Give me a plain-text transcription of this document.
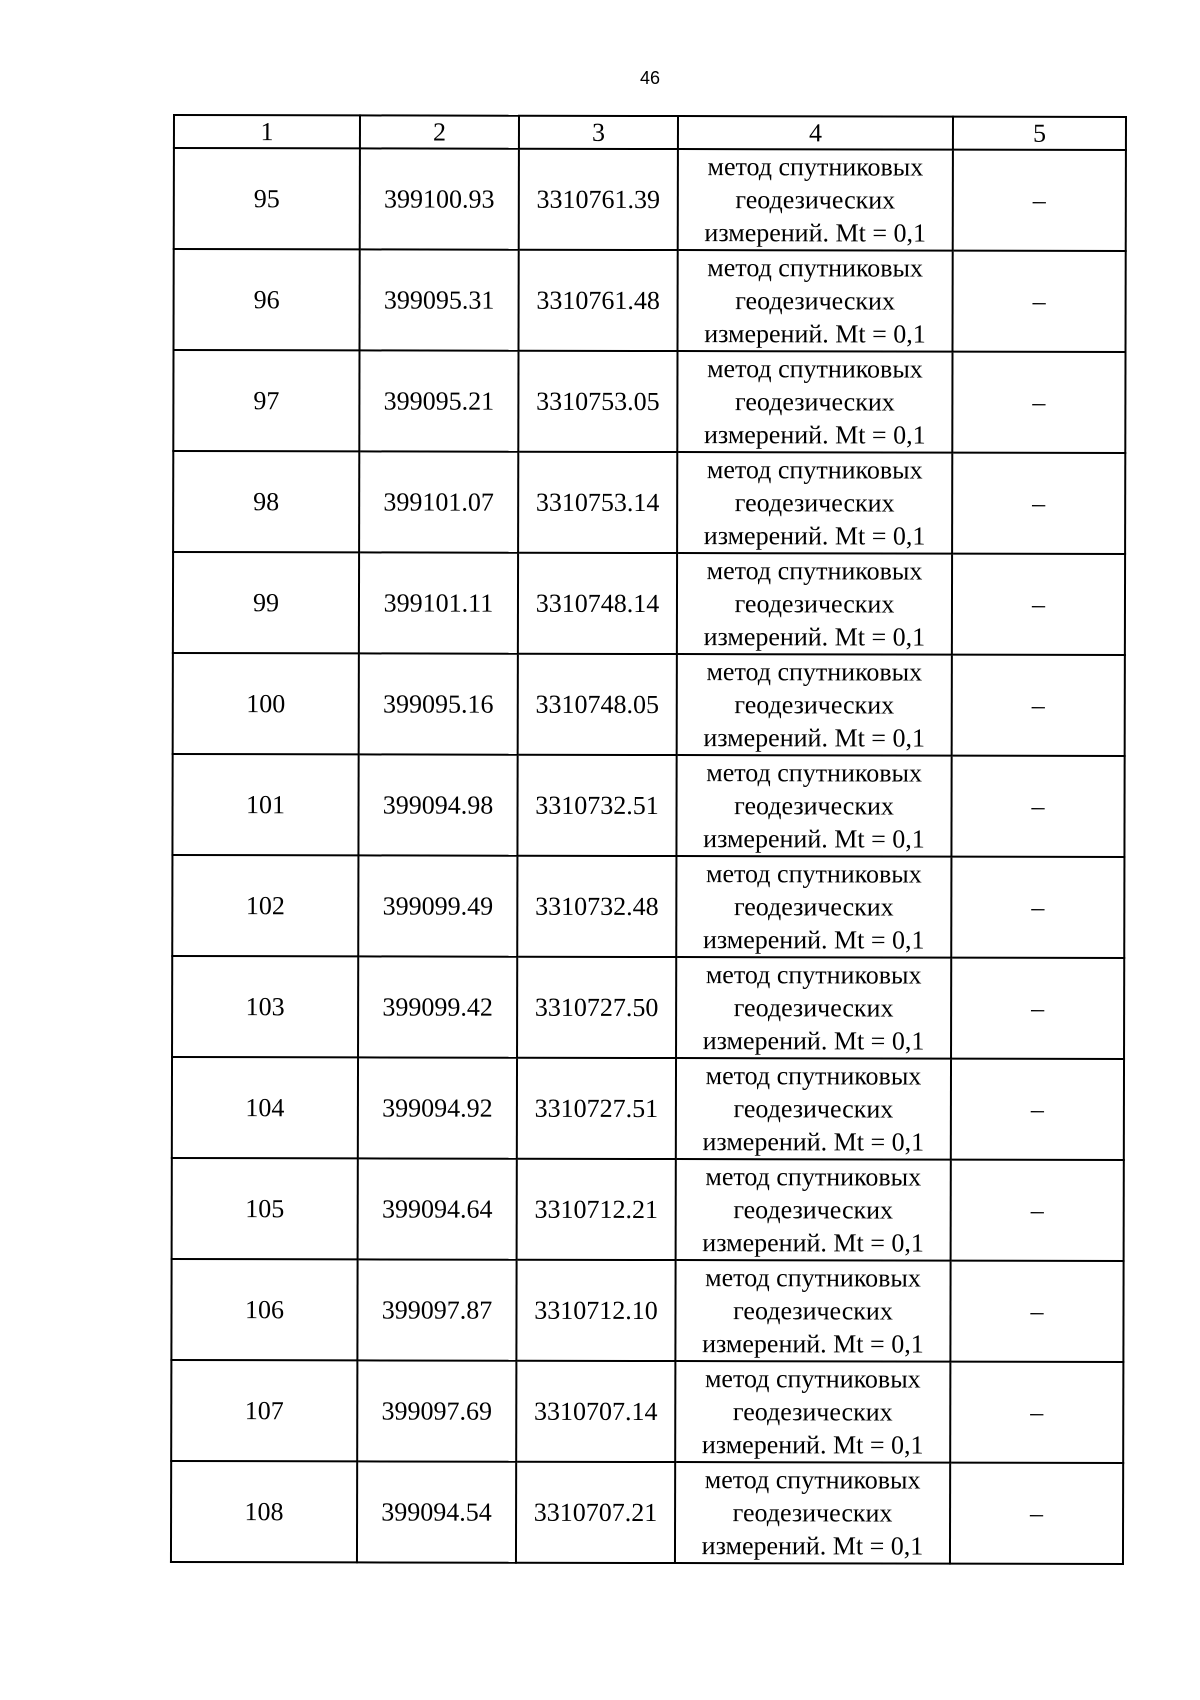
46
1	2	3	4	5
95	399100.93	3310761.39	метод спутниковых
геодезических
измерений. Mt = 0,1	–
96	399095.31	3310761.48	метод спутниковых
геодезических
измерений. Mt = 0,1	–
97	399095.21	3310753.05	метод спутниковых
геодезических
измерений. Mt = 0,1	–
98	399101.07	3310753.14	метод спутниковых
геодезических
измерений. Mt = 0,1	–
99	399101.11	3310748.14	метод спутниковых
геодезических
измерений. Mt = 0,1	–
100	399095.16	3310748.05	метод спутниковых
геодезических
измерений. Mt = 0,1	–
101	399094.98	3310732.51	метод спутниковых
геодезических
измерений. Mt = 0,1	–
102	399099.49	3310732.48	метод спутниковых
геодезических
измерений. Mt = 0,1	–
103	399099.42	3310727.50	метод спутниковых
геодезических
измерений. Mt = 0,1	–
104	399094.92	3310727.51	метод спутниковых
геодезических
измерений. Mt = 0,1	–
105	399094.64	3310712.21	метод спутниковых
геодезических
измерений. Mt = 0,1	–
106	399097.87	3310712.10	метод спутниковых
геодезических
измерений. Mt = 0,1	–
107	399097.69	3310707.14	метод спутниковых
геодезических
измерений. Mt = 0,1	–
108	399094.54	3310707.21	метод спутниковых
геодезических
измерений. Mt = 0,1	–
